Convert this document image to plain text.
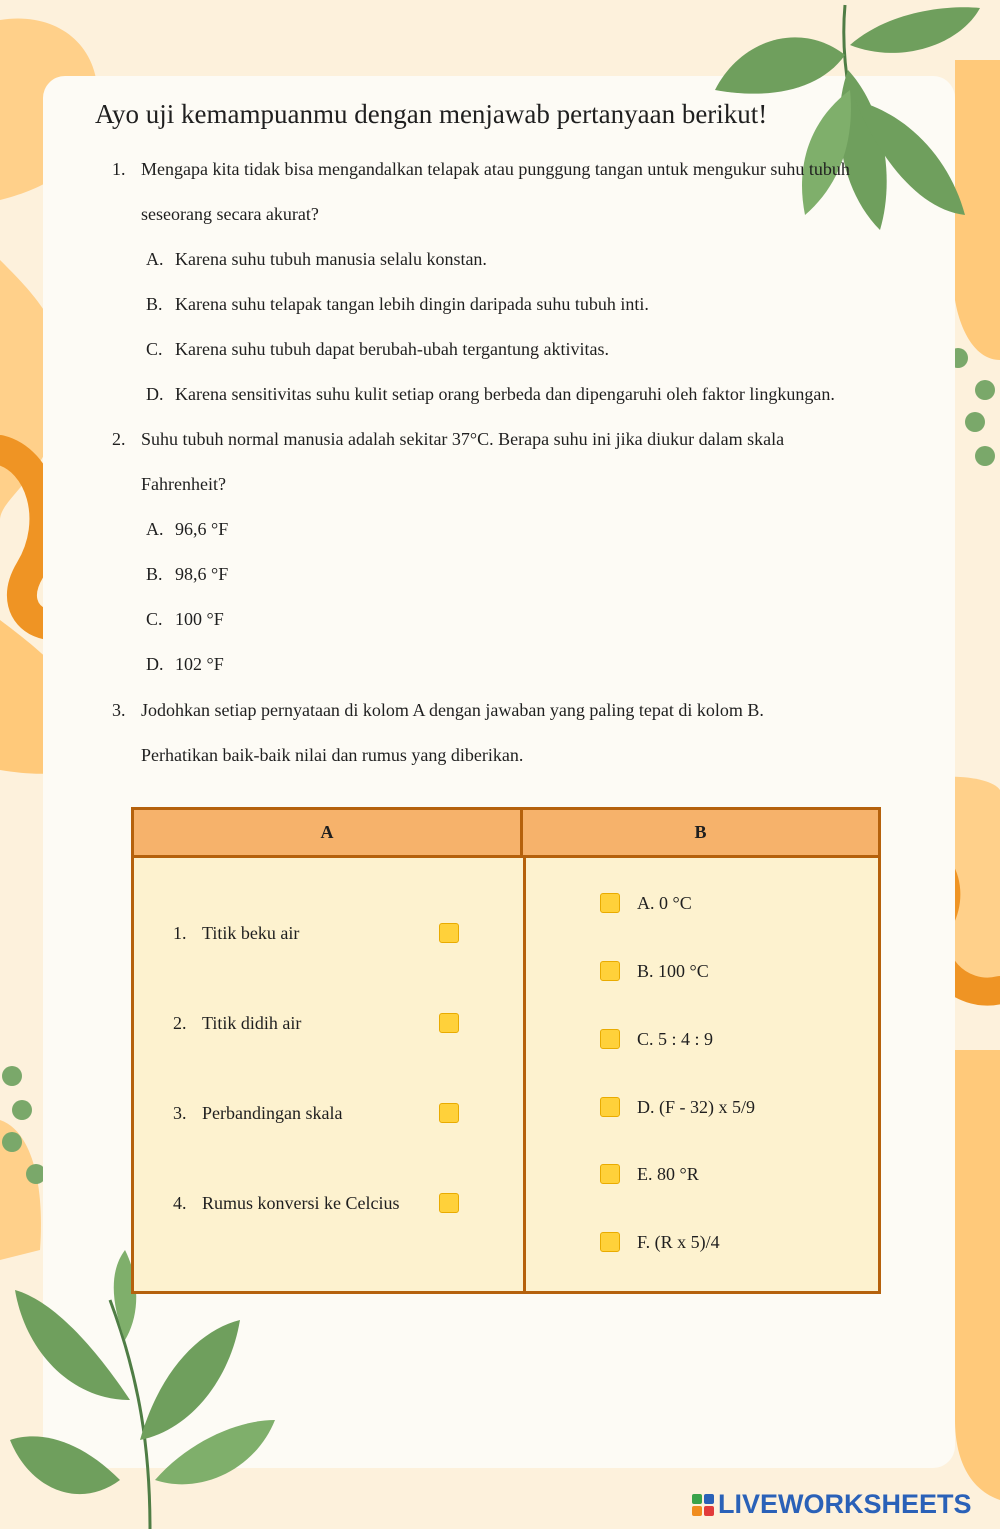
Ayo uji kemampuanmu dengan menjawab pertanyaan berikut!
1. Mengapa kita tidak bisa mengandalkan telapak atau punggung tangan untuk mengukur suhu tubuh
seseorang secara akurat?
A. Karena suhu tubuh manusia selalu konstan.
B. Karena suhu telapak tangan lebih dingin daripada suhu tubuh inti.
C. Karena suhu tubuh dapat berubah-ubah tergantung aktivitas.
D. Karena sensitivitas suhu kulit setiap orang berbeda dan dipengaruhi oleh faktor lingkungan.
2. Suhu tubuh normal manusia adalah sekitar 37°C. Berapa suhu ini jika diukur dalam skala
Fahrenheit?
A. 96,6 °F
B. 98,6 °F
C. 100 °F
D. 102 °F
3. Jodohkan setiap pernyataan di kolom A dengan jawaban yang paling tepat di kolom B.
Perhatikan baik-baik nilai dan rumus yang diberikan.
A	B
1. Titik beku air
2. Titik didih air
3. Perbandingan skala
4. Rumus konversi ke Celcius
A. 0 °C
B. 100 °C
C. 5 : 4 : 9
D. (F - 32) x 5/9
E. 80 °R
F. (R x 5)/4
LIVEWORKSHEETS
